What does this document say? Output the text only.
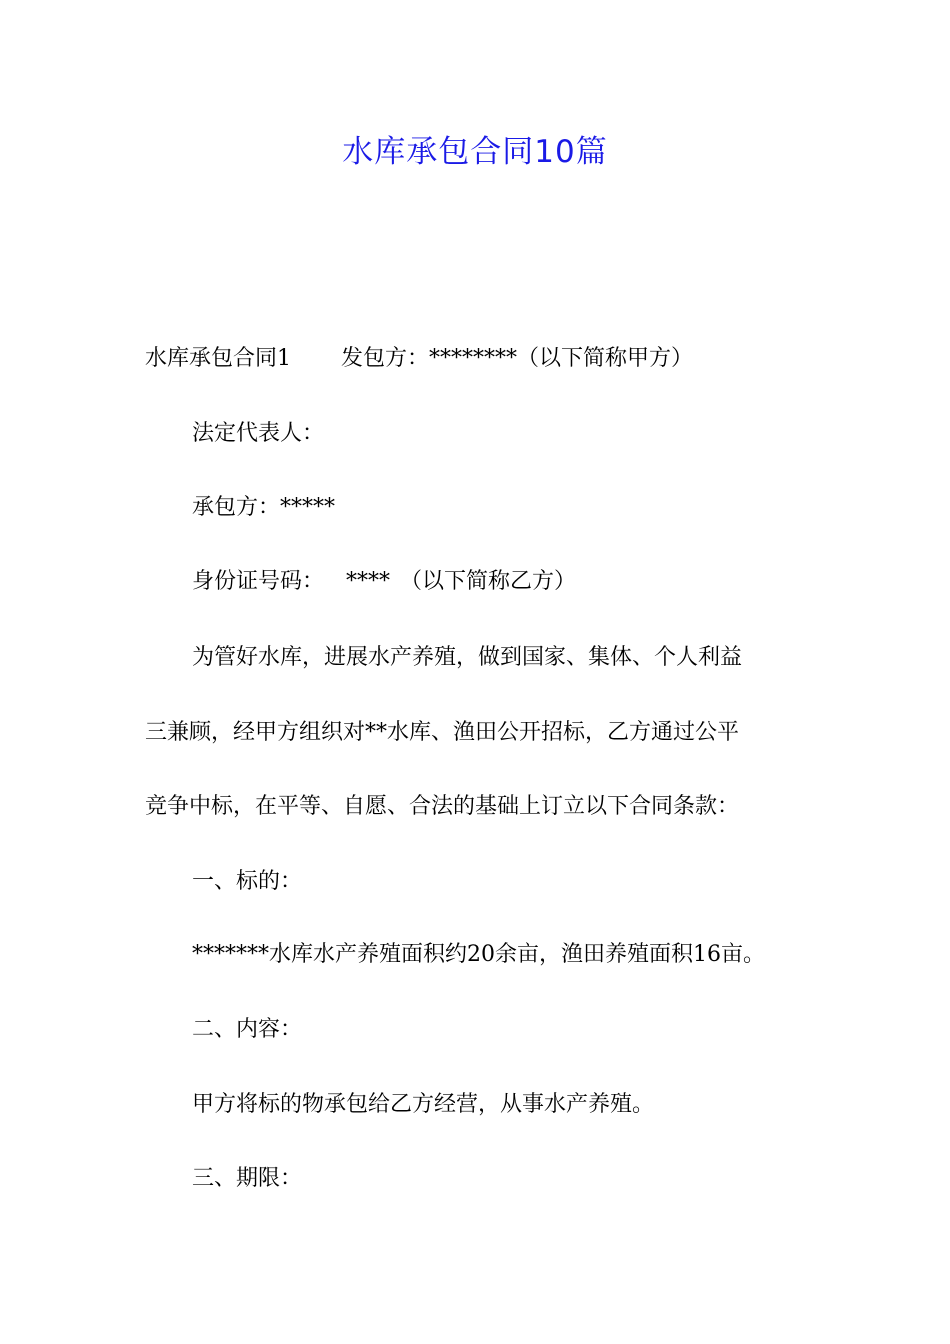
水库承包合同10篇

水库承包合同1 发包方：********（以下简称甲方）

法定代表人：

承包方：*****

身份证号码： **** （以下简称乙方）

为管好水库，进展水产养殖，做到国家、集体、个人利益

三兼顾，经甲方组织对**水库、渔田公开招标，乙方通过公平

竞争中标，在平等、自愿、合法的基础上订立以下合同条款：

一、标的：

*******水库水产养殖面积约20余亩，渔田养殖面积16亩。

二、内容：

甲方将标的物承包给乙方经营，从事水产养殖。

三、期限：
